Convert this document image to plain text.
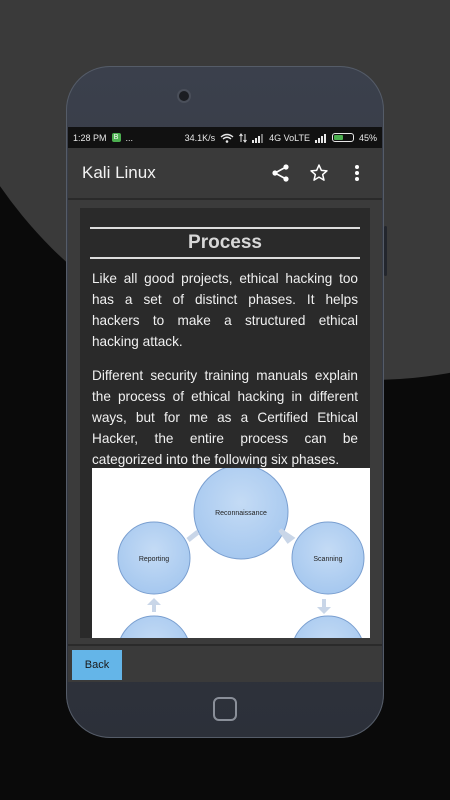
1:28 PM	B ...	34.1K/s	4G VoLTE	45%
Kali Linux
Process

Like all good projects, ethical hacking too has a set of distinct phases. It helps hackers to make a structured ethical hacking attack.

Different security training manuals explain the process of ethical hacking in different ways, but for me as a Certified Ethical Hacker, the entire process can be categorized into the following six phases.

Reconnaissance
Scanning
Reporting
Back
